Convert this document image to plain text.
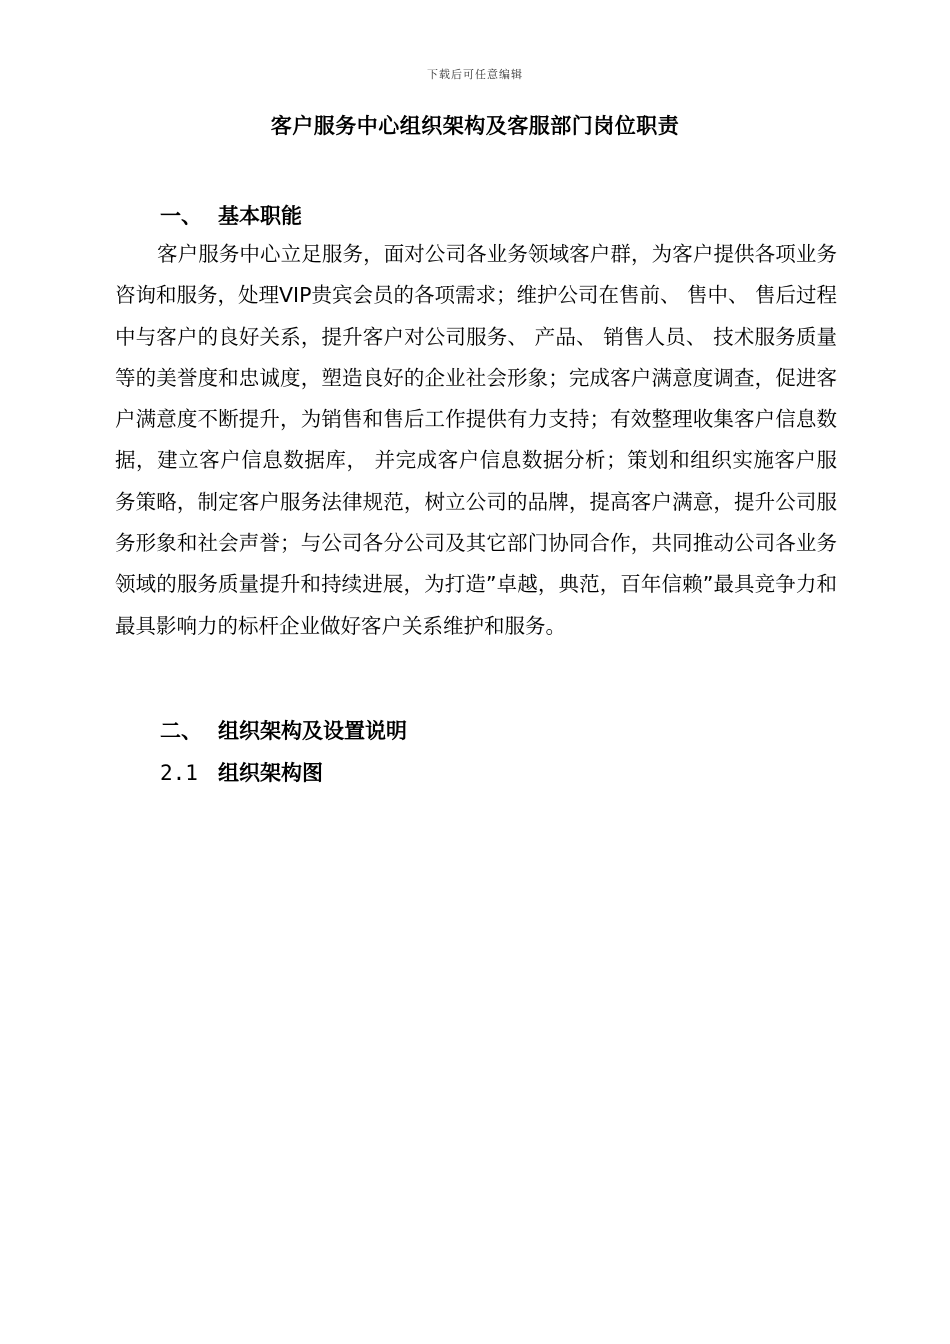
下载后可任意编辑
客户服务中心组织架构及客服部门岗位职责
一、 基本职能

客户服务中心立足服务，面对公司各业务领域客户群，为客户提供各项业务咨询和服务，处理VIP贵宾会员的各项需求；维护公司在售前、 售中、 售后过程中与客户的良好关系，提升客户对公司服务、 产品、 销售人员、 技术服务质量等的美誉度和忠诚度，塑造良好的企业社会形象；完成客户满意度调查，促进客户满意度不断提升，为销售和售后工作提供有力支持；有效整理收集客户信息数据，建立客户信息数据库， 并完成客户信息数据分析；策划和组织实施客户服务策略，制定客户服务法律规范，树立公司的品牌，提高客户满意，提升公司服务形象和社会声誉；与公司各分公司及其它部门协同合作，共同推动公司各业务领域的服务质量提升和持续进展，为打造”卓越，典范，百年信赖”最具竞争力和最具影响力的标杆企业做好客户关系维护和服务。

二、 组织架构及设置说明
2.1 组织架构图
